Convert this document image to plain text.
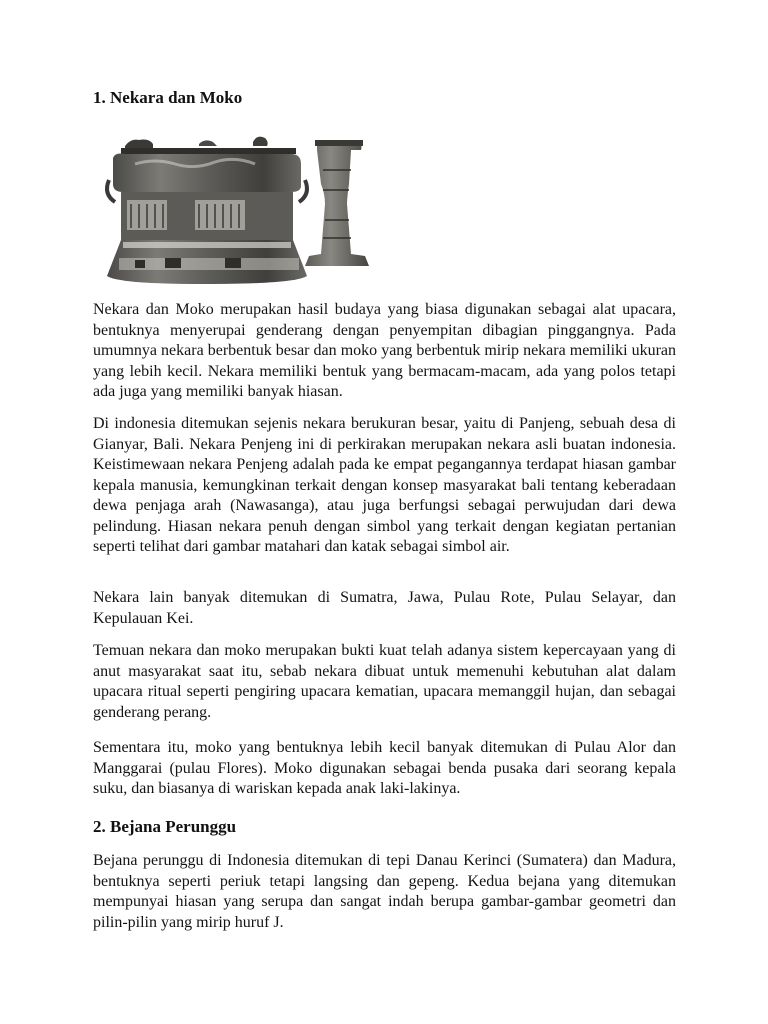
1. Nekara dan Moko

Nekara dan Moko merupakan hasil budaya yang biasa digunakan sebagai alat upacara, bentuknya menyerupai genderang dengan penyempitan dibagian pinggangnya. Pada umumnya nekara berbentuk besar dan moko yang berbentuk mirip nekara memiliki ukuran yang lebih kecil. Nekara memiliki bentuk yang bermacam-macam, ada yang polos tetapi ada juga yang memiliki banyak hiasan.

Di indonesia ditemukan sejenis nekara berukuran besar, yaitu di Panjeng, sebuah desa di Gianyar, Bali. Nekara Penjeng ini di perkirakan merupakan nekara asli buatan indonesia. Keistimewaan nekara Penjeng adalah pada ke empat pegangannya terdapat hiasan gambar kepala manusia, kemungkinan terkait dengan konsep masyarakat bali tentang keberadaan dewa penjaga arah (Nawasanga), atau juga berfungsi sebagai perwujudan dari dewa pelindung. Hiasan nekara penuh dengan simbol yang terkait dengan kegiatan pertanian seperti telihat dari gambar matahari dan katak sebagai simbol air.

Nekara lain banyak ditemukan di Sumatra, Jawa, Pulau Rote, Pulau Selayar, dan Kepulauan Kei.

Temuan nekara dan moko merupakan bukti kuat telah adanya sistem kepercayaan yang di anut masyarakat saat itu, sebab nekara dibuat untuk memenuhi kebutuhan alat dalam upacara ritual seperti pengiring upacara kematian, upacara memanggil hujan, dan sebagai genderang perang.

Sementara itu, moko yang bentuknya lebih kecil banyak ditemukan di Pulau Alor dan Manggarai (pulau Flores). Moko digunakan sebagai benda pusaka dari seorang kepala suku, dan biasanya di wariskan kepada anak laki-lakinya.

2. Bejana Perunggu

Bejana perunggu di Indonesia ditemukan di tepi Danau Kerinci (Sumatera) dan Madura, bentuknya seperti periuk tetapi langsing dan gepeng. Kedua bejana yang ditemukan mempunyai hiasan yang serupa dan sangat indah berupa gambar-gambar geometri dan pilin-pilin yang mirip huruf J.
